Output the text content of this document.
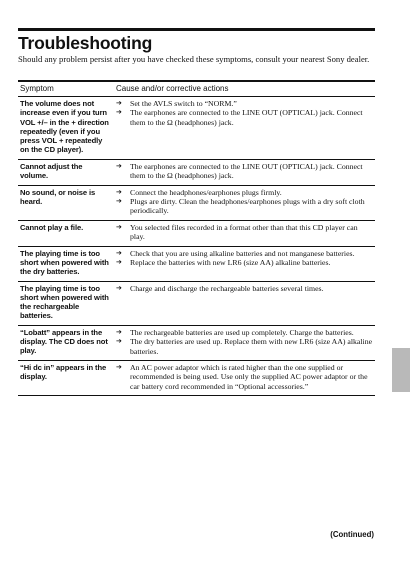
Troubleshooting

Should any problem persist after you have checked these symptoms, consult your nearest Sony dealer.

Symptom	Cause and/or corrective actions
The volume does not increase even if you turn VOL +/– in the + direction repeatedly (even if you press VOL + repeatedly on the CD player).	➔ Set the AVLS switch to “NORM.”
➔ The earphones are connected to the LINE OUT (OPTICAL) jack. Connect them to the Ω (headphones) jack.

Cannot adjust the volume.	➔ The earphones are connected to the LINE OUT (OPTICAL) jack. Connect them to the Ω (headphones) jack.

No sound, or noise is heard.	➔ Connect the headphones/earphones plugs firmly.
➔ Plugs are dirty. Clean the headphones/earphones plugs with a dry soft cloth periodically.

Cannot play a file.	➔ You selected files recorded in a format other than that this CD player can play.

The playing time is too short when powered with the dry batteries.	➔ Check that you are using alkaline batteries and not manganese batteries.
➔ Replace the batteries with new LR6 (size AA) alkaline batteries.

The playing time is too short when powered with the rechargeable batteries.	➔ Charge and discharge the rechargeable batteries several times.

“Lobatt” appears in the display. The CD does not play.	➔ The rechargeable batteries are used up completely. Charge the batteries.
➔ The dry batteries are used up. Replace them with new LR6 (size AA) alkaline batteries.

“Hi dc in” appears in the display.	➔ An AC power adaptor which is rated higher than the one supplied or recommended is being used. Use only the supplied AC power adaptor or the car battery cord recommended in “Optional accessories.”
(Continued)
